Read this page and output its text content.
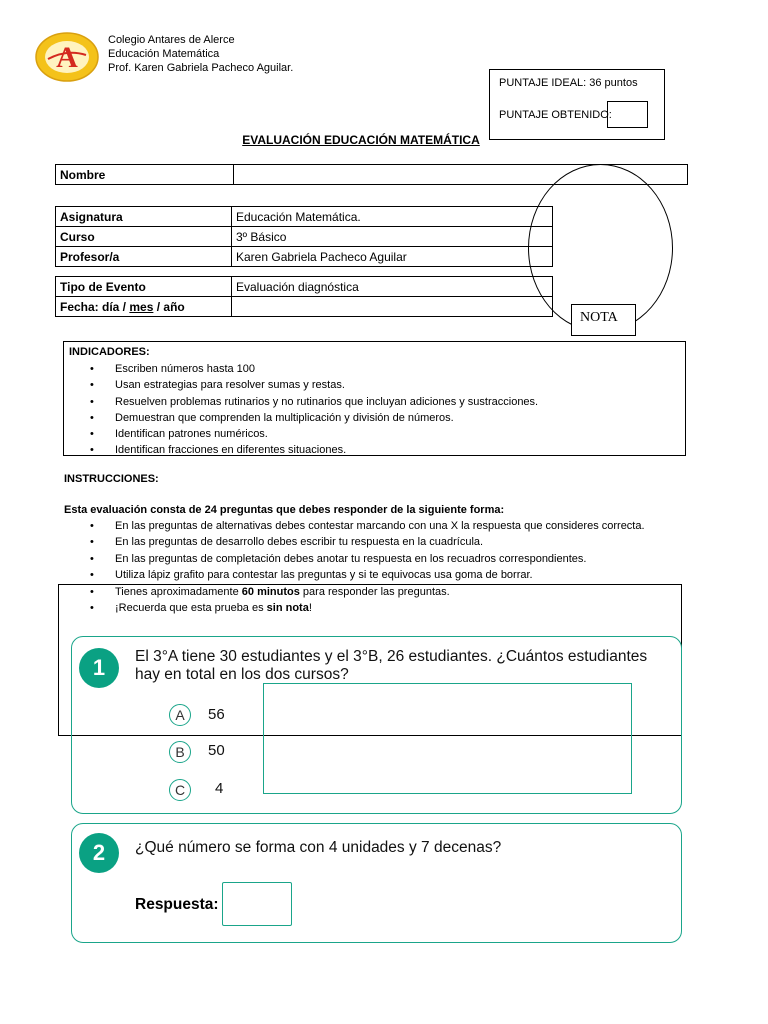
A
Colegio Antares de Alerce
Educación Matemática
Prof. Karen Gabriela Pacheco Aguilar.
PUNTAJE IDEAL: 36 puntos
PUNTAJE OBTENIDO:
EVALUACIÓN EDUCACIÓN MATEMÁTICA
Nombre	
Asignatura	Educación Matemática.
Curso	3º Básico
Profesor/a	Karen Gabriela Pacheco Aguilar
Tipo de Evento	Evaluación diagnóstica
Fecha: día / mes / año	
NOTA
INDICADORES:
• Escriben números hasta 100
• Usan estrategias para resolver sumas y restas.
• Resuelven problemas rutinarios y no rutinarios que incluyan adiciones y sustracciones.
• Demuestran que comprenden la multiplicación y división de números.
• Identifican patrones numéricos.
• Identifican fracciones en diferentes situaciones.
INSTRUCCIONES:
Esta evaluación consta de 24 preguntas que debes responder de la siguiente forma:
• En las preguntas de alternativas debes contestar marcando con una X la respuesta que consideres correcta.
• En las preguntas de desarrollo debes escribir tu respuesta en la cuadrícula.
• En las preguntas de completación debes anotar tu respuesta en los recuadros correspondientes.
• Utiliza lápiz grafito para contestar las preguntas y si te equivocas usa goma de borrar.
• Tienes aproximadamente 60 minutos para responder las preguntas.
• ¡Recuerda que esta prueba es sin nota!
1	El 3°A tiene 30 estudiantes y el 3°B, 26 estudiantes. ¿Cuántos estudiantes hay en total en los dos cursos?
A	56
B	50
C	4
2	¿Qué número se forma con 4 unidades y 7 decenas?
Respuesta:
